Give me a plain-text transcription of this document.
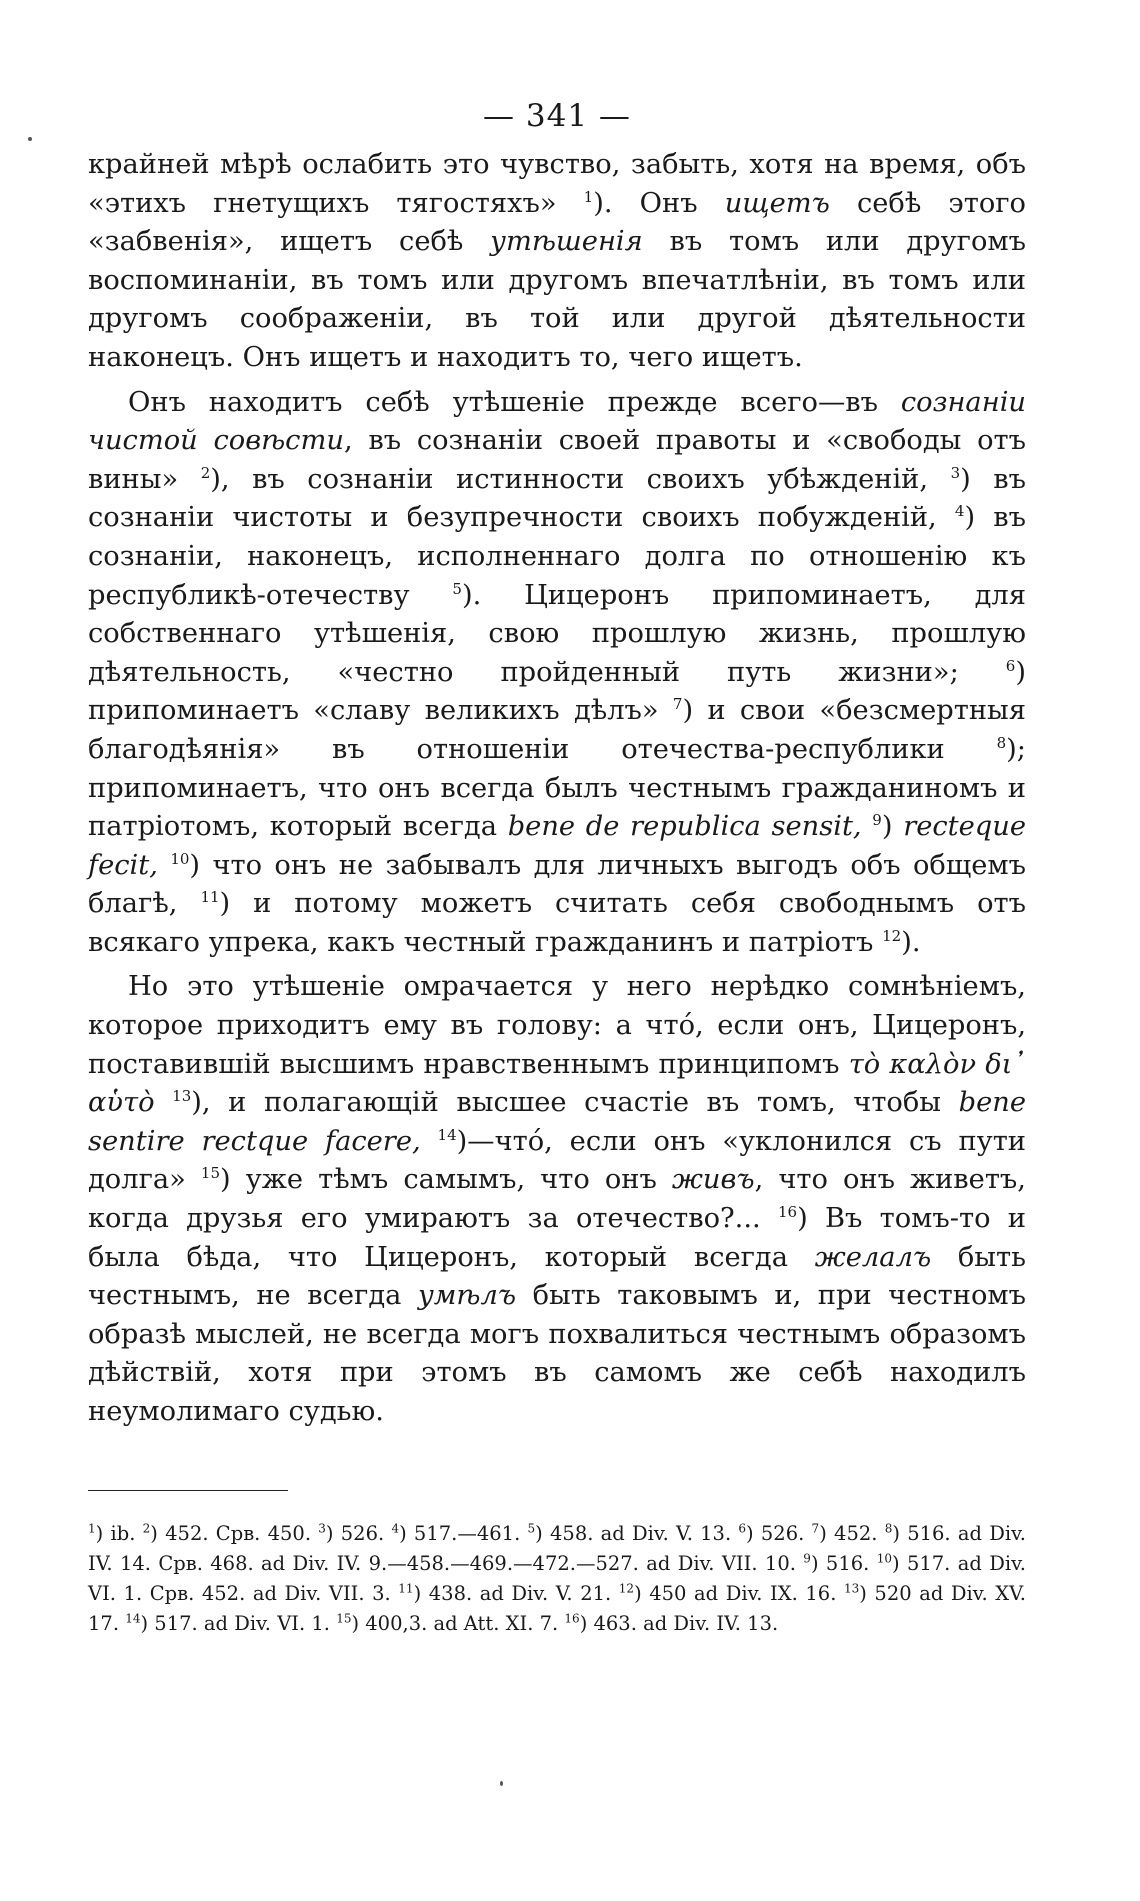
— 341 —

крайней мѣрѣ ослабить это чувство, забыть, хотя на время, объ «этихъ гнетущихъ тягостяхъ» $^1$). Онъ ищетъ себѣ этого «забвенія», ищетъ себѣ утѣшенія въ томъ или другомъ воспоминаніи, въ томъ или другомъ впечатлѣніи, въ томъ или другомъ соображеніи, въ той или другой дѣятельности наконецъ. Онъ ищетъ и находитъ то, чего ищетъ.

Онъ находитъ себѣ утѣшеніе прежде всего—въ сознаніи чистой совѣсти, въ сознаніи своей правоты и «свободы отъ вины» $^2$), въ сознаніи истинности своихъ убѣжденій, $^3$) въ сознаніи чистоты и безупречности своихъ побужденій, $^4$) въ сознаніи, наконецъ, исполненнаго долга по отношенію къ республикѣ-отечеству $^5$). Цицеронъ припоминаетъ, для собственнаго утѣшенія, свою прошлую жизнь, прошлую дѣятельность, «честно пройденный путь жизни»; $^6$) припоминаетъ «славу великихъ дѣлъ» $^7$) и свои «безсмертныя благодѣянія» въ отношеніи отечества-республики $^8$); припоминаетъ, что онъ всегда былъ честнымъ гражданиномъ и патріотомъ, который всегда bene de republica sensit, $^9$) recteque fecit, $^{10}$) что онъ не забывалъ для личныхъ выгодъ объ общемъ благѣ, $^{11}$) и потому можетъ считать себя свободнымъ отъ всякаго упрека, какъ честный гражданинъ и патріотъ $^{12}$).

Но это утѣшеніе омрачается у него нерѣдко сомнѣніемъ, которое приходитъ ему въ голову: а что́, если онъ, Цицеронъ, поставившій высшимъ нравственнымъ принципомъ τὸ καλὸν δι᾽ αὑτὸ $^{13}$), и полагающій высшее счастіе въ томъ, чтобы bene sentire rectque facere, $^{14}$)—что́, если онъ «уклонился съ пути долга» $^{15}$) уже тѣмъ самымъ, что онъ живъ, что онъ живетъ, когда друзья его умираютъ за отечество?... $^{16}$) Въ томъ-то и была бѣда, что Цицеронъ, который всегда желалъ быть честнымъ, не всегда умѣлъ быть таковымъ и, при честномъ образѣ мыслей, не всегда могъ похвалиться честнымъ образомъ дѣйствій, хотя при этомъ въ самомъ же себѣ находилъ неумолимаго судью.

$^1$) ib. $^2$) 452. Срв. 450. $^3$) 526. $^4$) 517.—461. $^5$) 458. ad Div. V. 13. $^6$) 526. $^7$) 452. $^8$) 516. ad Div. IV. 14. Срв. 468. ad Div. IV. 9.—458.—469.—472.—527. ad Div. VII. 10. $^9$) 516. $^{10}$) 517. ad Div. VI. 1. Срв. 452. ad Div. VII. 3. $^{11}$) 438. ad Div. V. 21. $^{12}$) 450 ad Div. IX. 16. $^{13}$) 520 ad Div. XV. 17. $^{14}$) 517. ad Div. VI. 1. $^{15}$) 400,3. ad Att. XI. 7. $^{16}$) 463. ad Div. IV. 13.
